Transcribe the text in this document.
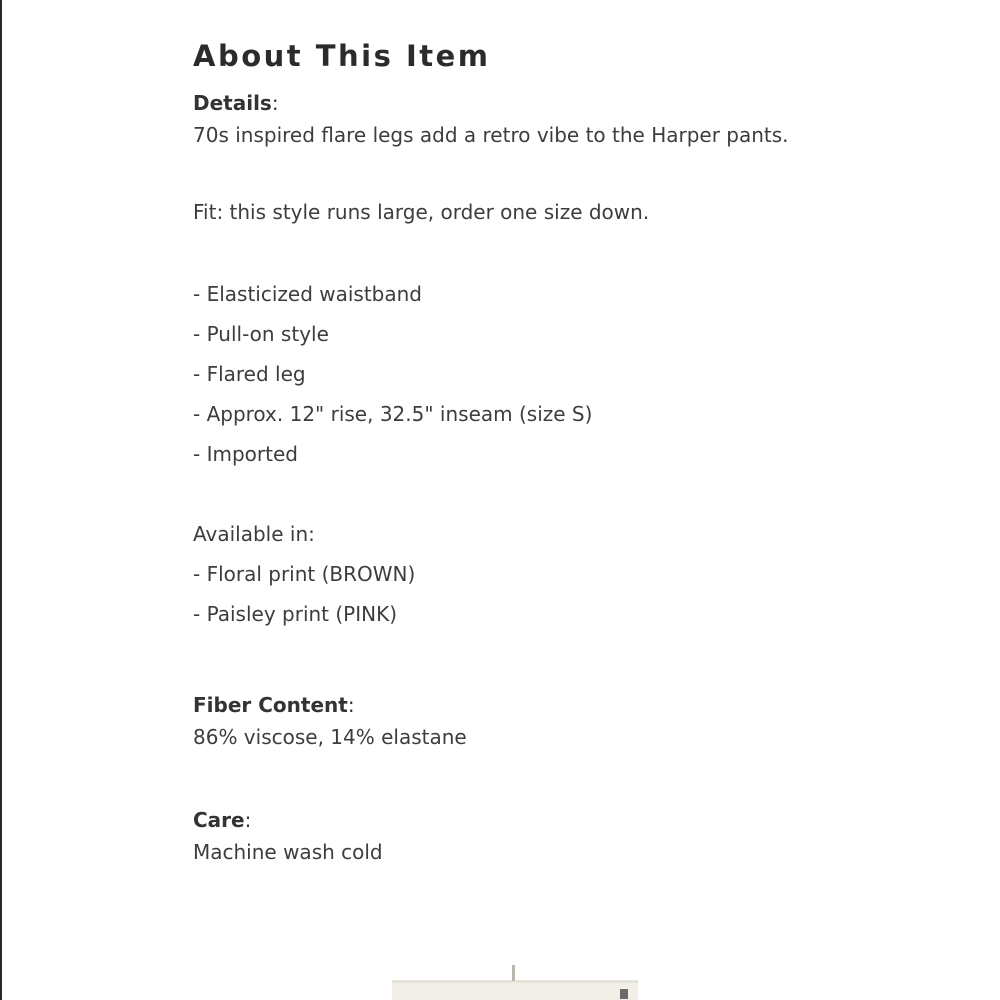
About This Item
Details:
70s inspired flare legs add a retro vibe to the Harper pants.
Fit: this style runs large, order one size down.
- Elasticized waistband
- Pull-on style
- Flared leg
- Approx. 12" rise, 32.5" inseam (size S)
- Imported
Available in:
- Floral print (BROWN)
- Paisley print (PINK)
Fiber Content:
86% viscose, 14% elastane
Care:
Machine wash cold
